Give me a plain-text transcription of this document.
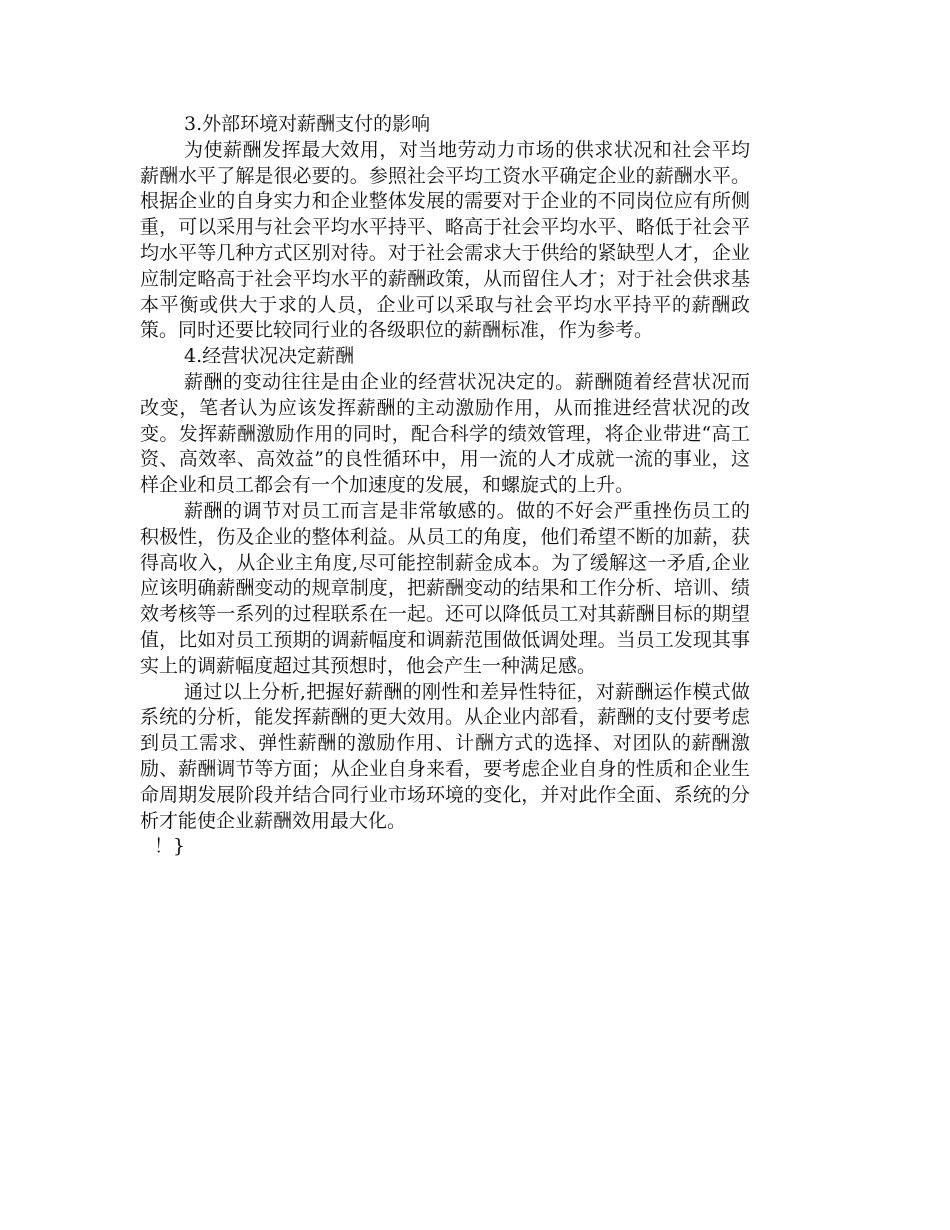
3.外部环境对薪酬支付的影响

为使薪酬发挥最大效用，对当地劳动力市场的供求状况和社会平均薪酬水平了解是很必要的。参照社会平均工资水平确定企业的薪酬水平。根据企业的自身实力和企业整体发展的需要对于企业的不同岗位应有所侧重，可以采用与社会平均水平持平、略高于社会平均水平、略低于社会平均水平等几种方式区别对待。对于社会需求大于供给的紧缺型人才，企业应制定略高于社会平均水平的薪酬政策，从而留住人才；对于社会供求基本平衡或供大于求的人员，企业可以采取与社会平均水平持平的薪酬政策。同时还要比较同行业的各级职位的薪酬标准，作为参考。

4.经营状况决定薪酬

薪酬的变动往往是由企业的经营状况决定的。薪酬随着经营状况而改变，笔者认为应该发挥薪酬的主动激励作用，从而推进经营状况的改变。发挥薪酬激励作用的同时，配合科学的绩效管理，将企业带进“高工资、高效率、高效益”的良性循环中，用一流的人才成就一流的事业，这样企业和员工都会有一个加速度的发展，和螺旋式的上升。

薪酬的调节对员工而言是非常敏感的。做的不好会严重挫伤员工的积极性，伤及企业的整体利益。从员工的角度，他们希望不断的加薪，获得高收入，从企业主角度,尽可能控制薪金成本。为了缓解这一矛盾,企业应该明确薪酬变动的规章制度，把薪酬变动的结果和工作分析、培训、绩效考核等一系列的过程联系在一起。还可以降低员工对其薪酬目标的期望值，比如对员工预期的调薪幅度和调薪范围做低调处理。当员工发现其事实上的调薪幅度超过其预想时，他会产生一种满足感。

通过以上分析,把握好薪酬的刚性和差异性特征，对薪酬运作模式做系统的分析，能发挥薪酬的更大效用。从企业内部看，薪酬的支付要考虑到员工需求、弹性薪酬的激励作用、计酬方式的选择、对团队的薪酬激励、薪酬调节等方面；从企业自身来看，要考虑企业自身的性质和企业生命周期发展阶段并结合同行业市场环境的变化，并对此作全面、系统的分析才能使企业薪酬效用最大化。

！}
